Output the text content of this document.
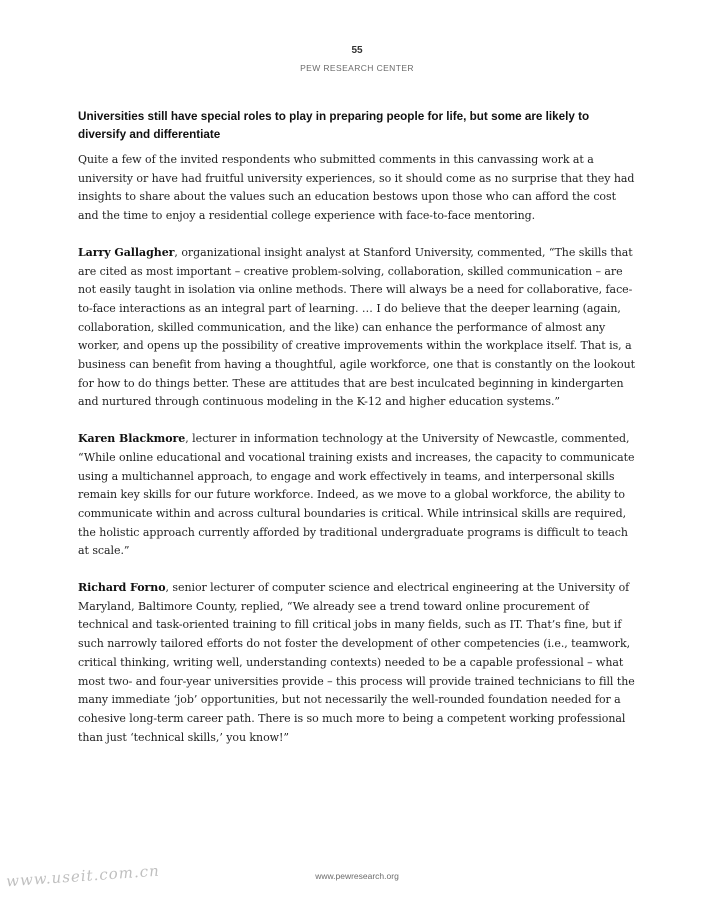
55
PEW RESEARCH CENTER
Universities still have special roles to play in preparing people for life, but some are likely to diversify and differentiate

Quite a few of the invited respondents who submitted comments in this canvassing work at a university or have had fruitful university experiences, so it should come as no surprise that they had insights to share about the values such an education bestows upon those who can afford the cost and the time to enjoy a residential college experience with face-to-face mentoring.

Larry Gallagher, organizational insight analyst at Stanford University, commented, “The skills that are cited as most important – creative problem-solving, collaboration, skilled communication – are not easily taught in isolation via online methods. There will always be a need for collaborative, face-to-face interactions as an integral part of learning. … I do believe that the deeper learning (again, collaboration, skilled communication, and the like) can enhance the performance of almost any worker, and opens up the possibility of creative improvements within the workplace itself. That is, a business can benefit from having a thoughtful, agile workforce, one that is constantly on the lookout for how to do things better. These are attitudes that are best inculcated beginning in kindergarten and nurtured through continuous modeling in the K-12 and higher education systems.”

Karen Blackmore, lecturer in information technology at the University of Newcastle, commented, “While online educational and vocational training exists and increases, the capacity to communicate using a multichannel approach, to engage and work effectively in teams, and interpersonal skills remain key skills for our future workforce. Indeed, as we move to a global workforce, the ability to communicate within and across cultural boundaries is critical. While intrinsical skills are required, the holistic approach currently afforded by traditional undergraduate programs is difficult to teach at scale.”

Richard Forno, senior lecturer of computer science and electrical engineering at the University of Maryland, Baltimore County, replied, “We already see a trend toward online procurement of technical and task-oriented training to fill critical jobs in many fields, such as IT. That’s fine, but if such narrowly tailored efforts do not foster the development of other competencies (i.e., teamwork, critical thinking, writing well, understanding contexts) needed to be a capable professional – what most two- and four-year universities provide – this process will provide trained technicians to fill the many immediate ‘job’ opportunities, but not necessarily the well-rounded foundation needed for a cohesive long-term career path. There is so much more to being a competent working professional than just ‘technical skills,’ you know!”

www.pewresearch.org
www.useit.com.cn
